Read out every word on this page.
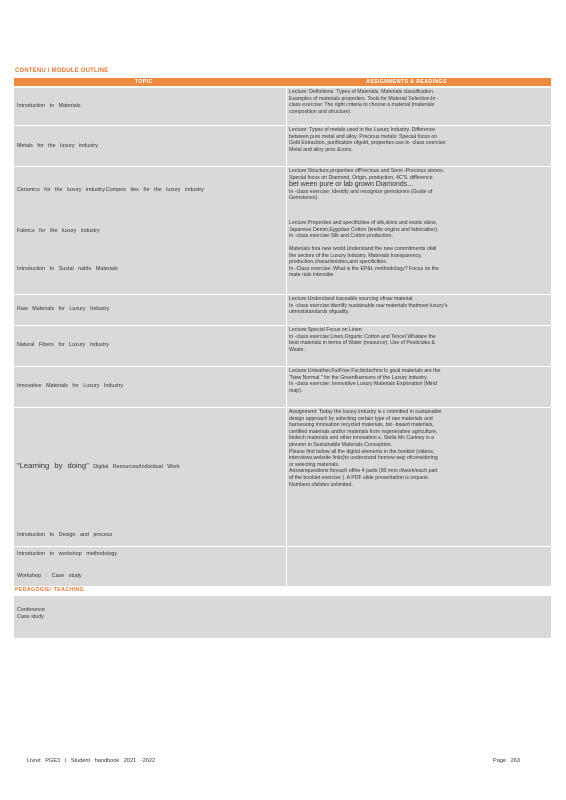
CONTENU I MODULE OUTLINE
TOPIC	ASSIGNMENTS & READINGS
Introduction to Materials

Lecture: Definitions. Types of Materials. Materials classification.

Examples of materials properties. Tools for Material Selection.In -

class exercise: The right criteria to choose a material (materials

composition and structure).

Metals for the luxury industry

Lecture: Types of metals used in the Luxury Industry. Difference

between pure metal and alloy. Precious metals: Special focus on

Gold Extraction, purification ofgold, properties.use.In -class exercise:

Metal and alloy pros &cons.

Ceramics for the luxury industry.Compos ites for the luxury industry

Lecture:Structure,properties ofPrecious and Semi -Precious stones.

Special focus on Diamond. Origin, production, 4C'S. difference

bet ween pure or lab grown Diamonds...

In -class exercise: Identify and recognize gemstones (Guide of

Gemstones).

Fabrics for the luxury industry

Lecture:Properties and specificities of silk,skins and exotic skins,

Japanese Denim,Egyptian Cotton (textile origins and fabrication).

In -class exercise:Silk and Cotton production.

Introduction to Sustai nable Materials

Materials fora new world.Understand the new commitments ofall

the sectors of the Luxury Industry. Materials transparency,

production,characteristics,and specificities.

In -Class exercise: What is the EP&L methodology? Focus on the

mate rials intensitie

Raw Materials for Luxury Industry

Lecture:Understand traceable sourcing ofraw material.

In -class exercise:identify sustainable raw materials thatmeet luxury's

utmoststandards ofquality.

Natural Fibers for Luxury Industry

Lecture:Special Focus on Linen

In -class exercise:Linen,Organic Cotton and Tencel.Whatare the

best materials in terms of Water (resource), Use of Pesticides &

Waste.

Innovative Materials for Luxury Industry

Lecture:Unleather,FurFree Fur,biotechno lo gical materials are the

"New Normal " for the Greenfluencers of the Luxury industry.

In -class exercise: Innovative Luxury Materials Exploration (Mind

map).

"Learning by doing" Digital Resources/Individual Work
Introduction to Design and process

Assignment: Today the luxury industry is c ommitted in sustainable

design approach by selecting certain type of raw materials and

harnessing innovation recycled materials, bio -based materials,

certified materials and/or materials from regenerative agriculture,

biotech materials and other innovation s. Stella Mc Cartney is a

pioneer in Sustainable Materials Conception.

Please find below all the digital elements in the booklet (videos,

interviews,website links)to understand hernew way ofconsidering

or selecting materials.

Answerquestions foreach ofthe 4 parts (90 mns ofwork/each part

of the booklet exercise ). A PDF slide presentation is request.

Numbers ofslides unlimited.

Introduction to workshop methodology
Workshop : Case study
PEDAGOGIE/ TEACHING
Conference
Case study
Livret PGE3 I Student handbook 2021 -2022	Page 263
